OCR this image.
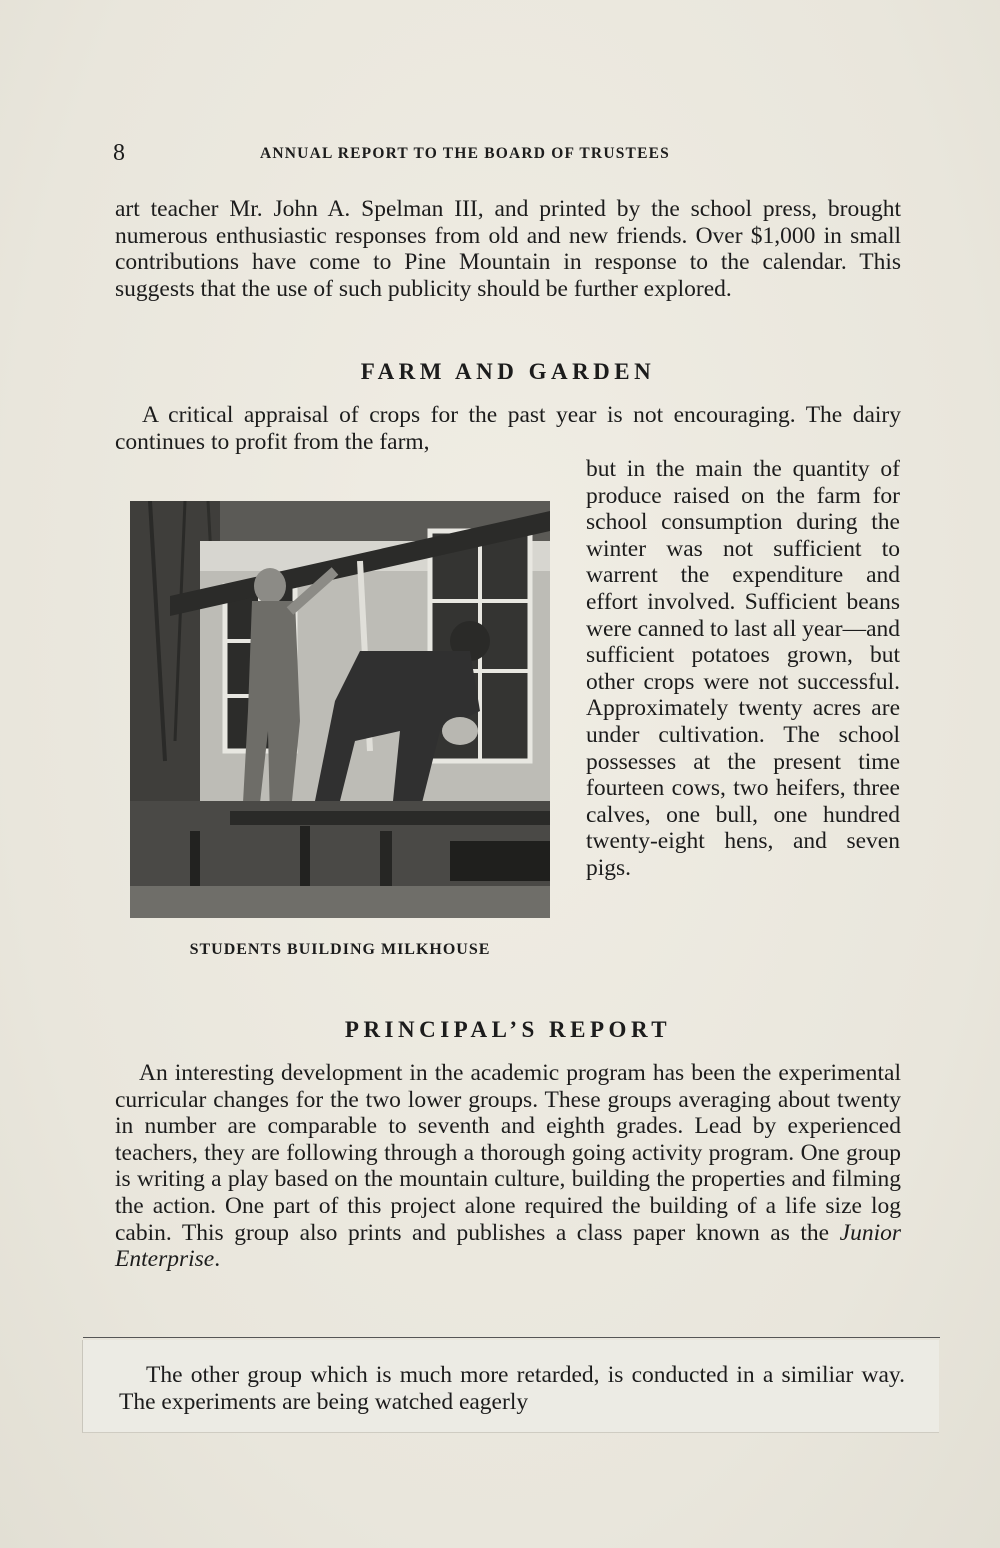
8	ANNUAL REPORT TO THE BOARD OF TRUSTEES

art teacher Mr. John A. Spelman III, and printed by the school press, brought numerous enthusiastic responses from old and new friends. Over $1,000 in small contributions have come to Pine Mountain in response to the calendar. This suggests that the use of such publicity should be further explored.

FARM AND GARDEN

A critical appraisal of crops for the past year is not encouraging. The dairy continues to profit from the farm,

STUDENTS BUILDING MILKHOUSE

but in the main the quantity of produce raised on the farm for school consumption during the winter was not sufficient to warrent the expenditure and effort involved. Sufficient beans were canned to last all year—and sufficient potatoes grown, but other crops were not successful. Approximately twenty acres are under cultivation. The school possesses at the present time fourteen cows, two heifers, three calves, one bull, one hundred twenty-eight hens, and seven pigs.

PRINCIPAL’S REPORT

An interesting development in the academic program has been the experimental curricular changes for the two lower groups. These groups averaging about twenty in number are comparable to seventh and eighth grades. Lead by experienced teachers, they are following through a thorough going activity program. One group is writing a play based on the mountain culture, building the properties and filming the action. One part of this project alone required the building of a life size log cabin. This group also prints and publishes a class paper known as the Junior Enterprise.

The other group which is much more retarded, is conducted in a similiar way. The experiments are being watched eagerly
